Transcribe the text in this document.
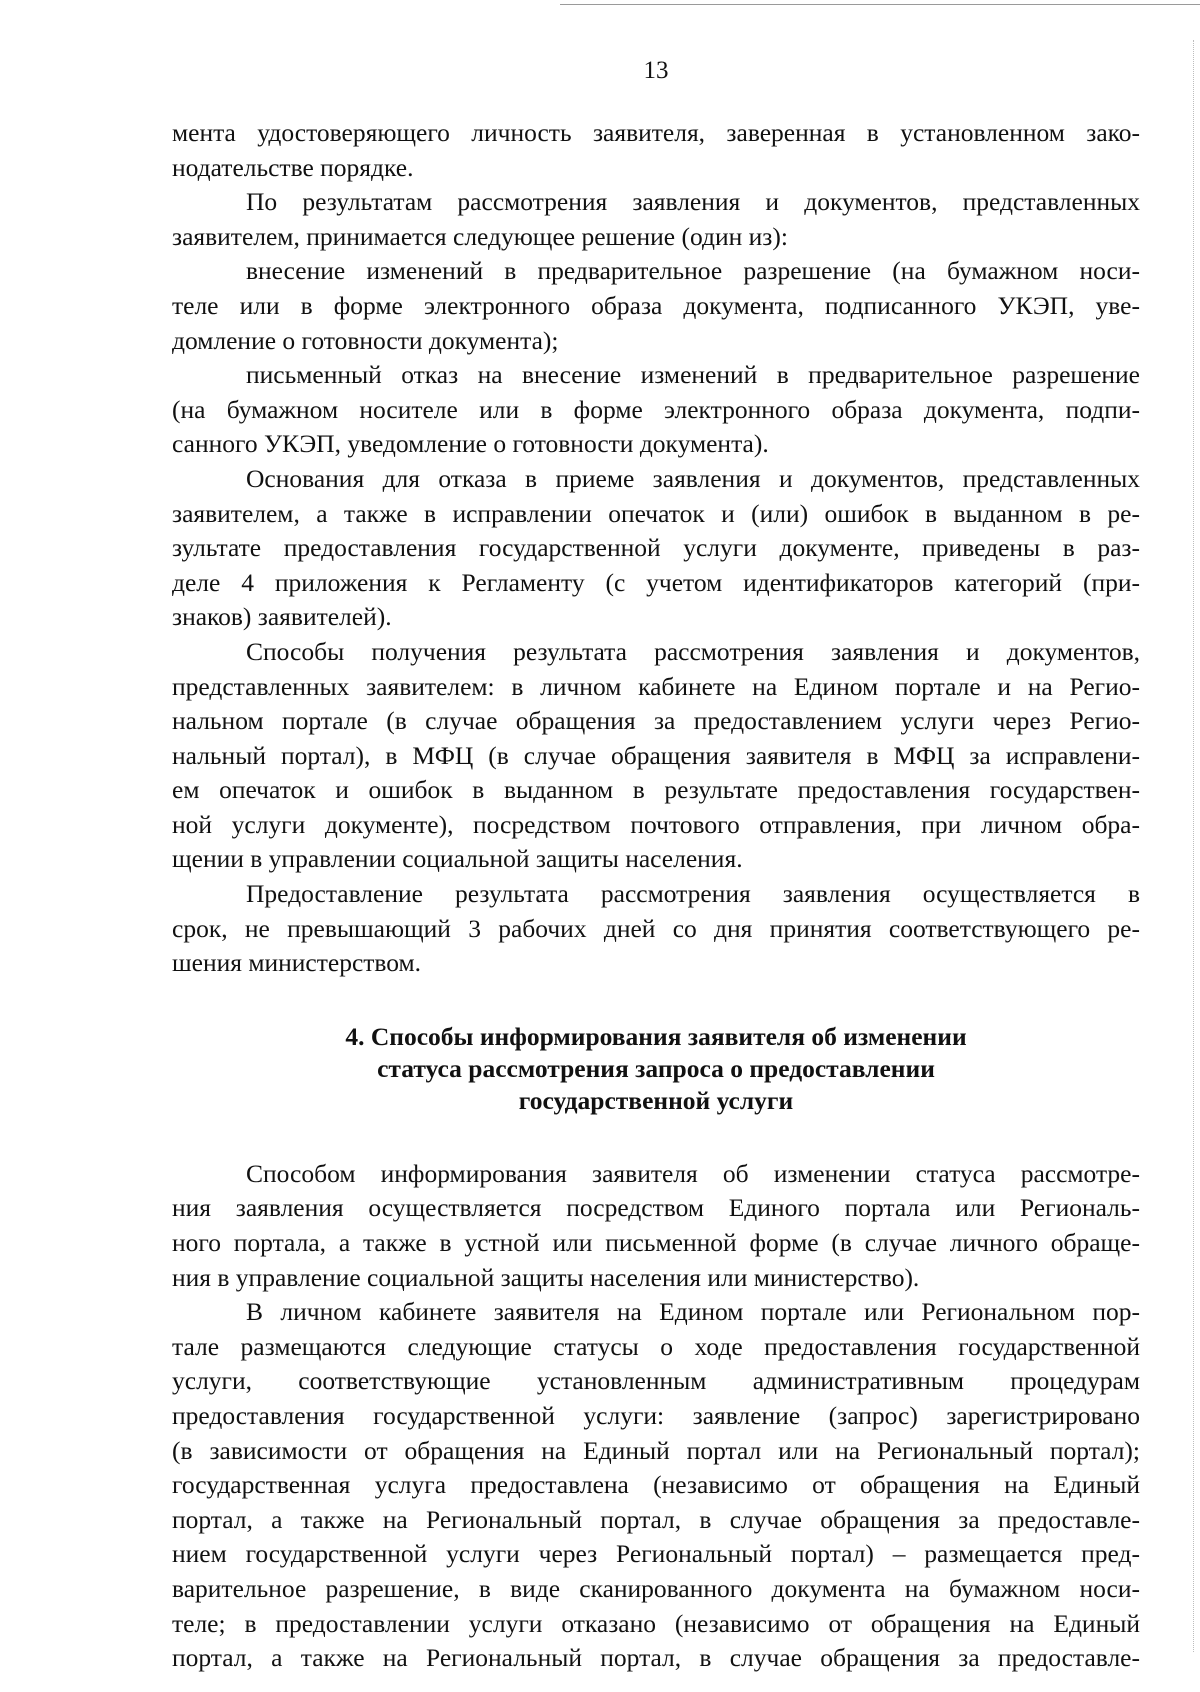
13
мента удостоверяющего личность заявителя, заверенная в установленном зако-
нодательстве порядке.
По результатам рассмотрения заявления и документов, представленных
заявителем, принимается следующее решение (один из):
внесение изменений в предварительное разрешение (на бумажном носи-
теле или в форме электронного образа документа, подписанного УКЭП, уве-
домление о готовности документа);
письменный отказ на внесение изменений в предварительное разрешение
(на бумажном носителе или в форме электронного образа документа, подпи-
санного УКЭП, уведомление о готовности документа).
Основания для отказа в приеме заявления и документов, представленных
заявителем, а также в исправлении опечаток и (или) ошибок в выданном в ре-
зультате предоставления государственной услуги документе, приведены в раз-
деле 4 приложения к Регламенту (с учетом идентификаторов категорий (при-
знаков) заявителей).
Способы получения результата рассмотрения заявления и документов,
представленных заявителем: в личном кабинете на Едином портале и на Регио-
нальном портале (в случае обращения за предоставлением услуги через Регио-
нальный портал), в МФЦ (в случае обращения заявителя в МФЦ за исправлени-
ем опечаток и ошибок в выданном в результате предоставления государствен-
ной услуги документе), посредством почтового отправления, при личном обра-
щении в управлении социальной защиты населения.
Предоставление результата рассмотрения заявления осуществляется в
срок, не превышающий 3 рабочих дней со дня принятия соответствующего ре-
шения министерством.
4. Способы информирования заявителя об изменении
статуса рассмотрения запроса о предоставлении
государственной услуги
Способом информирования заявителя об изменении статуса рассмотре-
ния заявления осуществляется посредством Единого портала или Региональ-
ного портала, а также в устной или письменной форме (в случае личного обраще-
ния в управление социальной защиты населения или министерство).
В личном кабинете заявителя на Едином портале или Региональном пор-
тале размещаются следующие статусы о ходе предоставления государственной
услуги, соответствующие установленным административным процедурам
предоставления государственной услуги: заявление (запрос) зарегистрировано
(в зависимости от обращения на Единый портал или на Региональный портал);
государственная услуга предоставлена (независимо от обращения на Единый
портал, а также на Региональный портал, в случае обращения за предоставле-
нием государственной услуги через Региональный портал) – размещается пред-
варительное разрешение, в виде сканированного документа на бумажном носи-
теле; в предоставлении услуги отказано (независимо от обращения на Единый
портал, а также на Региональный портал, в случае обращения за предоставле-
